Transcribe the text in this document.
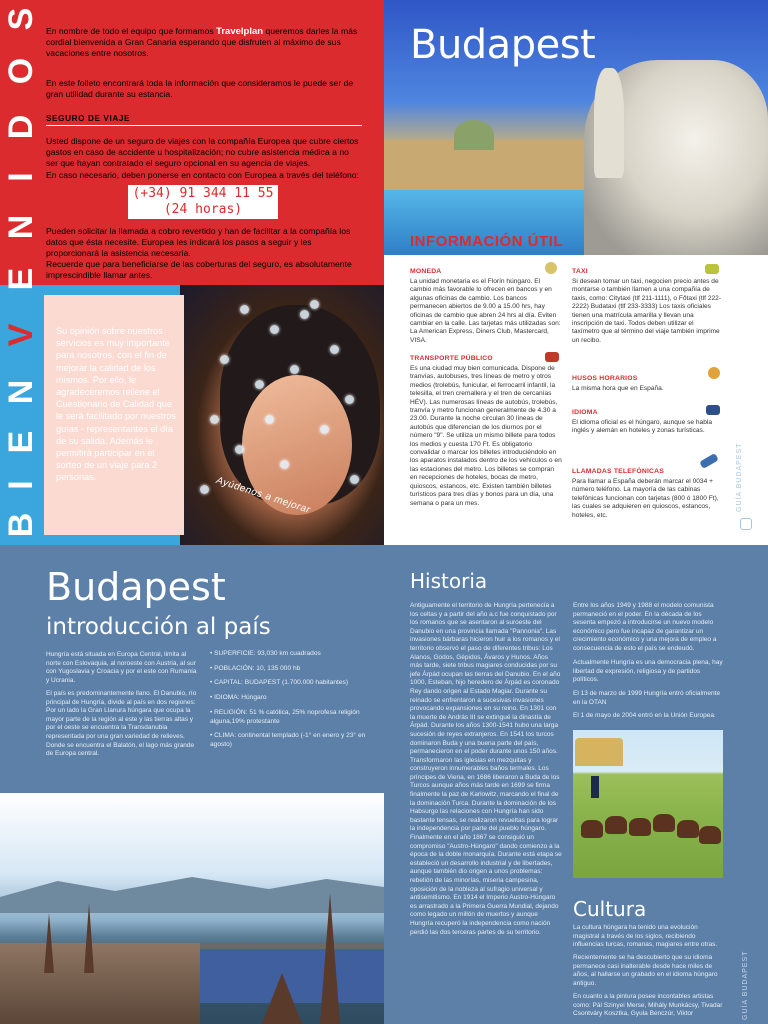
S
O
D
I
N
E
V
N
E
I
B
En nombre de todo el equipo que formamos Travelplan queremos darles la más cordial bienvenida a Gran Canaria esperando que disfruten al máximo de sus vacaciones entre nosotros.
En este folleto encontrará toda la información que consideramos le puede ser de gran utilidad durante su estancia.
SEGURO DE VIAJE
Usted dispone de un seguro de viajes con la compañía Europea que cubre ciertos gastos en caso de accidente u hospitalización; no cubre asistencia médica a no ser que hayan contratado el seguro opcional en su agencia de viajes.
En caso necesario, deben ponerse en contacto con Europea a través del teléfono:
(+34) 91 344 11 55
(24 horas)
Pueden solicitar la llamada a cobro revertido y han de facilitar a la compañía los datos que ésta necesite. Europea les indicará los pasos a seguir y les proporcionará la asistencia necesaria.
Recuerde que para beneficiarse de las coberturas del seguro, es absolutamente imprescindible llamar antes.
Su opinión sobre nuestros servicios es muy importante para nosotros, con el fin de mejorar la calidad de los mismos. Por ello, le agradeceremos rellene el Cuestionario de Calidad que le será facilitado por nuestros guías - representantes el día de su salida. Además le permitirá participar en el sorteo de un viaje para 2 personas.	Ayúdenos a mejorar
Budapest
INFORMACIÓN ÚTIL
MONEDA
La unidad monetaria es el Florín húngaro. El cambio más favorable lo ofrecen en bancos y en algunas oficinas de cambio. Los bancos permanecen abiertos de 9.00 a 15.00 hrs, hay oficinas de cambio que abren 24 hrs al día. Eviten cambiar en la calle. Las tarjetas más utilizadas son: La American Express, Diners Club, Mastercard, VISA.
TRANSPORTE PÚBLICO
Es una ciudad muy bien comunicada. Dispone de tranvías, autobuses, tres líneas de metro y otros medios (trolebús, funicular, el ferrocarril infantil, la telesilla, el tren cremallera y el tren de cercanías HÉV). Las numerosas líneas de autobús, trolebús, tranvía y metro funcionan generalmente de 4.30 a 23.00. Durante la noche circulan 30 líneas de autobús que diferencian de los diurnos por el número "9". Se utiliza un mismo billete para todos los medios y cuesta 170 Ft. Es obligatorio convalidar o marcar los billetes introduciéndolo en los aparatos instalados dentro de los vehículos o en las estaciones del metro. Los billetes se compran en recepciones de hoteles, bocas de metro, quioscos, estancos, etc. Existen también billetes turísticos para tres días y bonos para un día, una semana o para un mes.
TAXI
Si desean tomar un taxi, negocien precio antes de montarse o también llamen a una compañía de taxis, como: Citytaxi (tlf 211-1111), o Főtaxi (tlf 222-2222) Budataxi (tlf 233-3333) Los taxis oficiales tienen una matrícula amarilla y llevan una inscripción de taxi. Todos deben utilizar el taxímetro que al término del viaje también imprime un recibo.
HUSOS HORARIOS
La misma hora que en España.
IDIOMA
El idioma oficial es el húngaro, aunque se habla inglés y alemán en hoteles y zonas turísticas.
LLAMADAS TELEFÓNICAS
Para llamar a España deberán marcar el 0034 + número teléfono. La mayoría de las cabinas telefónicas funcionan con tarjetas (800 ó 1800 Ft), las cuales se adquieren en quioscos, estancos, hoteles, etc.
GUÍA BUDAPEST
Budapest
introducción al país
Hungría está situada en Europa Central, limita al norte con Eslovaquia, al noroeste con Austria, al sur con Yugoslavia y Croacia y por el este con Rumanía y Ucrania.
El país es predominantemente llano. El Danubio, río principal de Hungría, divide al país en dos regiones: Por un lado la Gran Llanura húngara que ocupa la mayor parte de la región al este y las tierras altas y por el oeste se encuentra la Transdanubia representada por una gran variedad de relieves. Donde se encuentra el Balatón, el lago más grande de Europa central.
• SUPERFICIE: 93,030 km cuadrados
• POBLACIÓN: 10, 135 000 hb
• CAPITAL: BUDAPEST (1.700.000 habitantes)
• IDIOMA: Húngaro
• RELIGIÓN: 51 % católica, 25% noprofesa religión alguna,19% protestante
• CLIMA: continental templado (-1° en enero y 23° en agosto)
Historia
Antiguamente el territorio de Hungría pertenecía a los celtas y a partir del año a.c fue conquistado por los romanos que se asentaron al suroeste del Danubio en una provincia llamada "Pannonia". Las invasiones bárbaras hicieron huir a los romanos y el territorio observó el paso de diferentes tribus: Los Alanos, Godos, Gépidos, Ávaros y Hunos. Años más tarde, siete tribus magiares conducidas por su jefe Árpád ocupan las tierras del Danubio. En el año 1000, Esteban, hijo heredero de Árpád es coronado Rey dando origen al Estado Magiar. Durante su reinado se enfrentaron a sucesivas invasiones provocando expansiones en su reino. En 1301 con la muerte de András III se extingué la dinastía de Árpád. Durante los años 1300-1541 hubo una larga sucesión de reyes extranjeros. En 1541 los turcos dominaron Buda y una buena parte del país, permanecieron en el poder durante unos 150 años. Transformaron las iglesias en mezquitas y construyeron innumerables baños termales. Los príncipes de Viena, en 1686 liberaron a Buda de los Turcos aunque años más tarde en 1699 se firma finalmente la paz de Karlowitz, marcando el final de la dominación Turca. Durante la dominación de los Habsurgo las relaciones con Hungría han sido bastante tensas, se realizaron revueltas para lograr la independencia por parte del pueblo húngaro. Finalmente en el año 1867 se consiguió un compromiso "Austro-Húngaro" dando comienzo a la época de la doble monarquía. Durante está etapa se estableció un desarrollo industrial y de libertades, aunque también dio origen a unos problemas: rebelión de las minorías, miseria campesina, oposición de la nobleza al sufragio universal y antisemitismo. En 1914 el Imperio Austro-Húngaro es arrastrado a la Primera Guerra Mundial, dejando como legado un millón de muertos y aunque Hungría recuperó la independencia como nación perdió las dos terceras partes de su territorio.
Entre los años 1949 y 1988 el modelo comunista permaneció en el poder. En la década de los sesenta empezó a introducirse un nuevo modelo económico pero fue incapaz de garantizar un crecimiento económico y una mejora de empleo a consecuencia de esto el país se endeudó.
Actualmente Hungría es una democracia plena, hay libertad de expresión, religiosa y de partidos políticos.
El 13 de marzo de 1999 Hungría entró oficialmente en la OTAN
El 1 de mayo de 2004 entró en la Unión Europea.
Cultura
La cultura húngara ha tenido una evolución magistral a través de los siglos, recibiendo influencias turcas, romanas, magiares entre otras.
Recientemente se ha descubierto que su idioma permanece casi inalterable desde hace miles de años, al hallarse un grabado en el idioma húngaro antiguo.
En cuanto a la pintura posee incontables artistas como: Pál Szinyei Merse, Mihály Munkácsy, Tivadar Csontváry Kosztka, Gyula Benczúr, Viktor	GUÍA BUDAPEST
